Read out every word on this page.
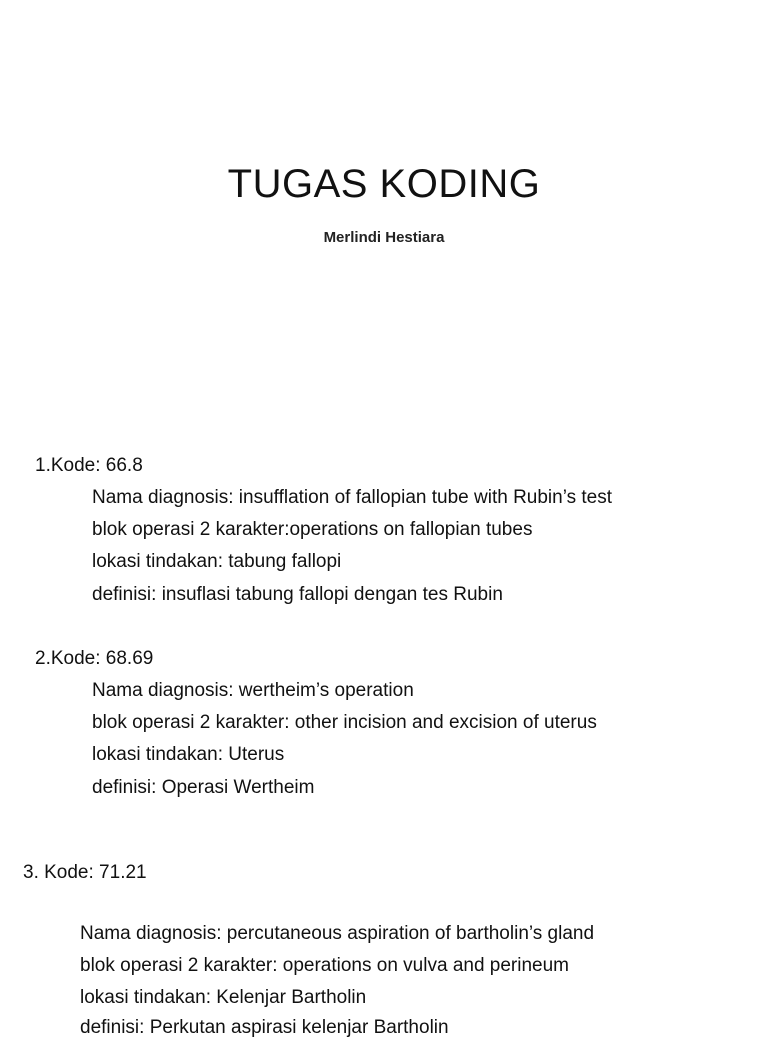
TUGAS KODING
Merlindi Hestiara
1.Kode: 66.8
Nama diagnosis: insufflation of fallopian tube with Rubin’s test
blok operasi 2 karakter:operations on fallopian tubes
lokasi tindakan: tabung fallopi
definisi: insuflasi tabung fallopi dengan tes Rubin
2.Kode: 68.69
Nama diagnosis: wertheim’s operation
blok operasi 2 karakter: other incision and excision of uterus
lokasi tindakan: Uterus
definisi: Operasi Wertheim
3. Kode: 71.21
Nama diagnosis: percutaneous aspiration of bartholin’s gland
blok operasi 2 karakter: operations on vulva and perineum
lokasi tindakan: Kelenjar Bartholin
definisi: Perkutan aspirasi kelenjar Bartholin
